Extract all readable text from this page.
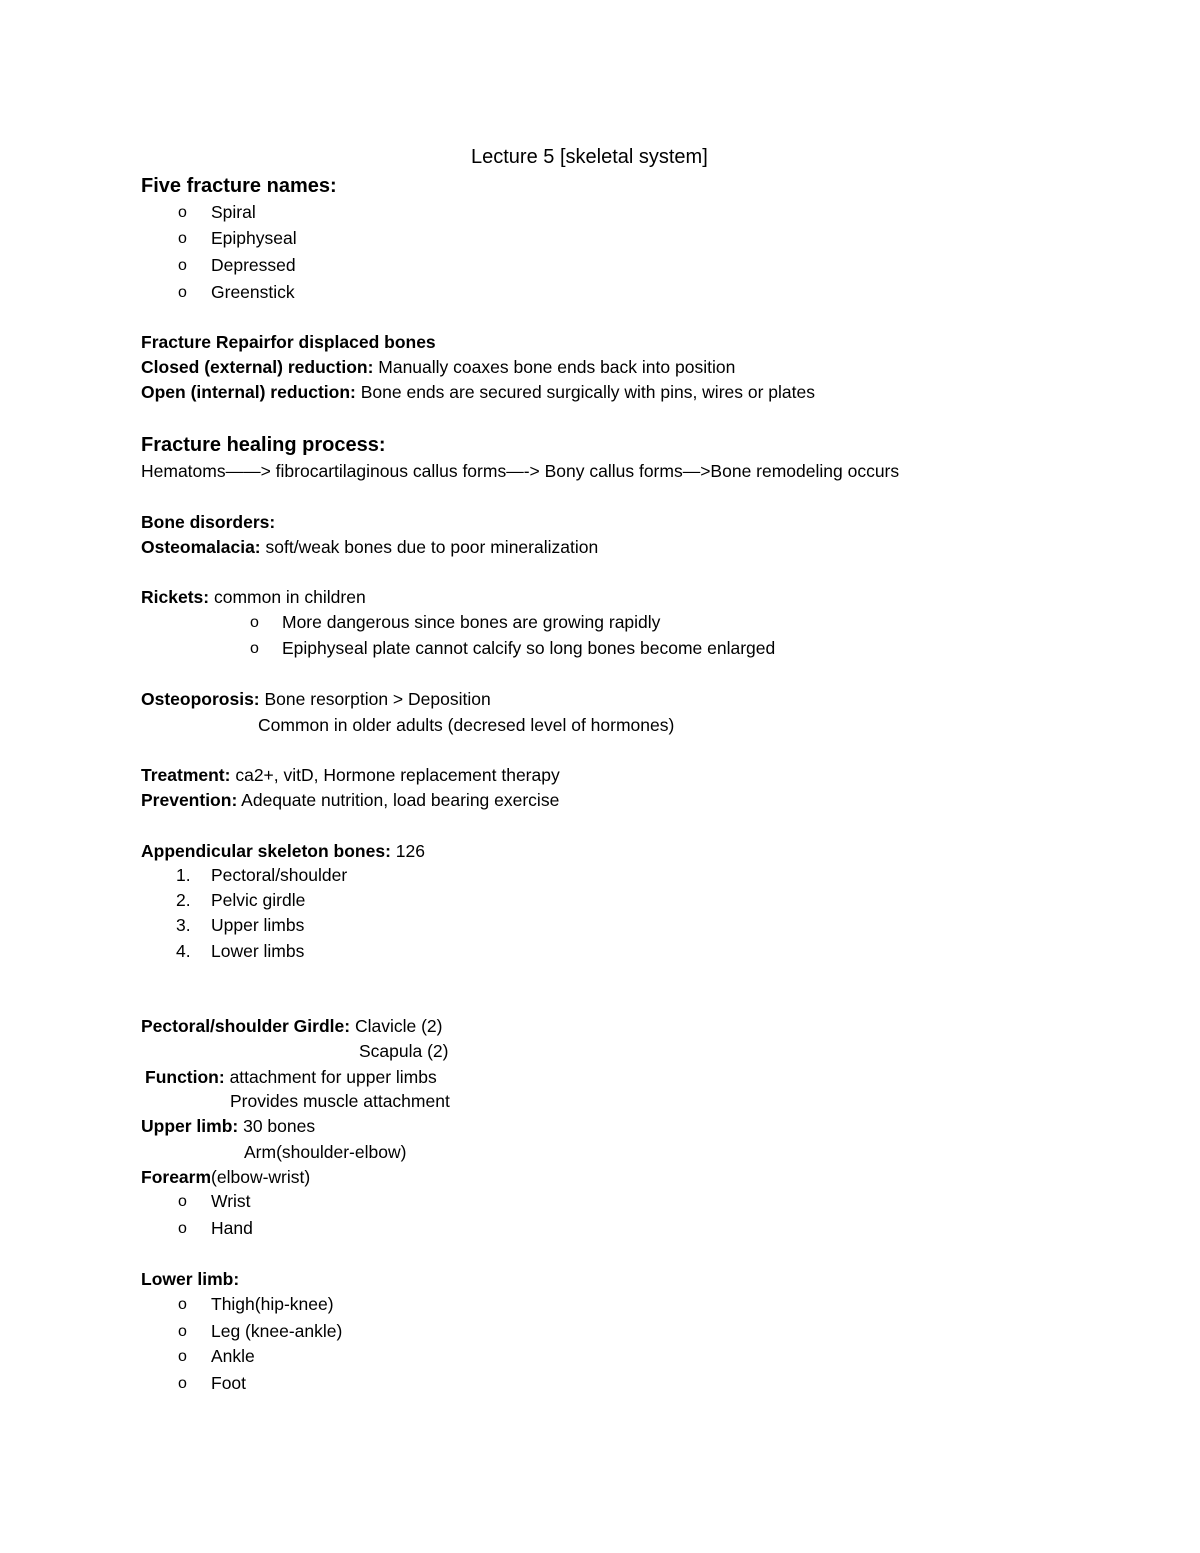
Lecture 5 [skeletal system]
Five fracture names:
o Spiral
o Epiphyseal
o Depressed
o Greenstick
Fracture Repairfor displaced bones
Closed (external) reduction: Manually coaxes bone ends back into position
Open (internal) reduction: Bone ends are secured surgically with pins, wires or plates
Fracture healing process:
Hematoms——> fibrocartilaginous callus forms—-> Bony callus forms—>Bone remodeling occurs
Bone disorders:
Osteomalacia: soft/weak bones due to poor mineralization
Rickets: common in children
o More dangerous since bones are growing rapidly
o Epiphyseal plate cannot calcify so long bones become enlarged
Osteoporosis: Bone resorption > Deposition
Common in older adults (decresed level of hormones)
Treatment: ca2+, vitD, Hormone replacement therapy
Prevention: Adequate nutrition, load bearing exercise
Appendicular skeleton bones: 126
1. Pectoral/shoulder
2. Pelvic girdle
3. Upper limbs
4. Lower limbs
Pectoral/shoulder Girdle: Clavicle (2)
Scapula (2)
Function: attachment for upper limbs
Provides muscle attachment
Upper limb: 30 bones
Arm(shoulder-elbow)
Forearm(elbow-wrist)
o Wrist
o Hand
Lower limb:
o Thigh(hip-knee)
o Leg (knee-ankle)
o Ankle
o Foot
